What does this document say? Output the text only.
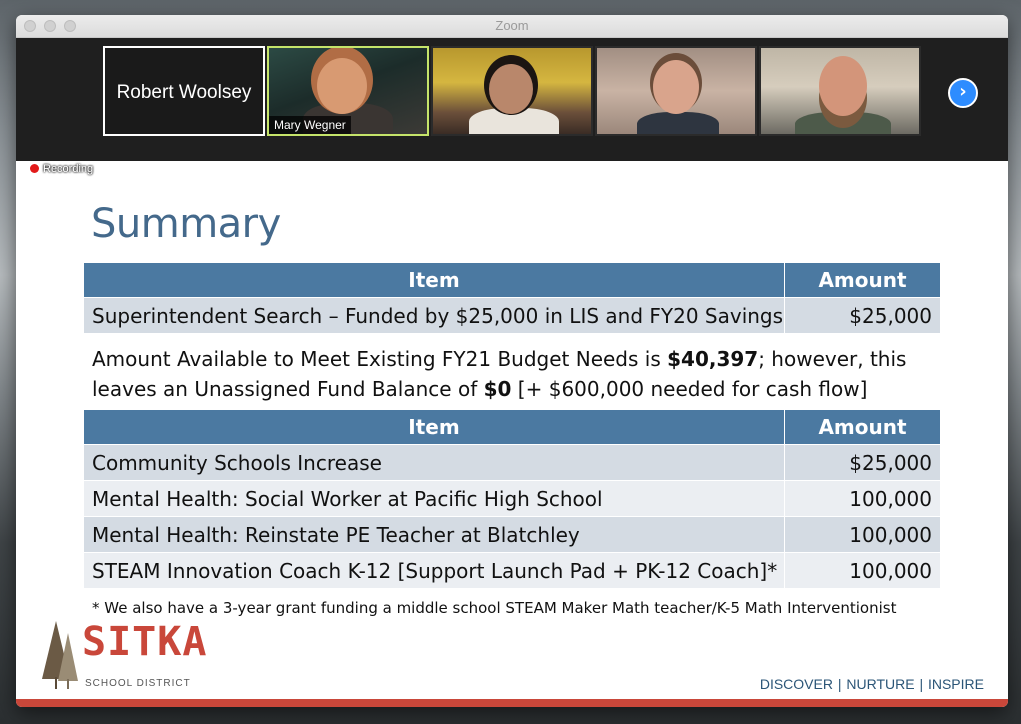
Zoom
Robert Woolsey
Mary Wegner
›
Recording
Summary
Item	Amount
Superintendent Search – Funded by $25,000 in LIS and FY20 Savings	$25,000
Amount Available to Meet Existing FY21 Budget Needs is $40,397; however, this leaves an Unassigned Fund Balance of $0 [+ $600,000 needed for cash flow]
Item	Amount
Community Schools Increase	$25,000
Mental Health: Social Worker at Pacific High School	100,000
Mental Health: Reinstate PE Teacher at Blatchley	100,000
STEAM Innovation Coach K-12 [Support Launch Pad + PK-12 Coach]*	100,000
* We also have a 3-year grant funding a middle school STEAM Maker Math teacher/K-5 Math Interventionist
SITKA
SCHOOL DISTRICT	DISCOVER | NURTURE | INSPIRE
